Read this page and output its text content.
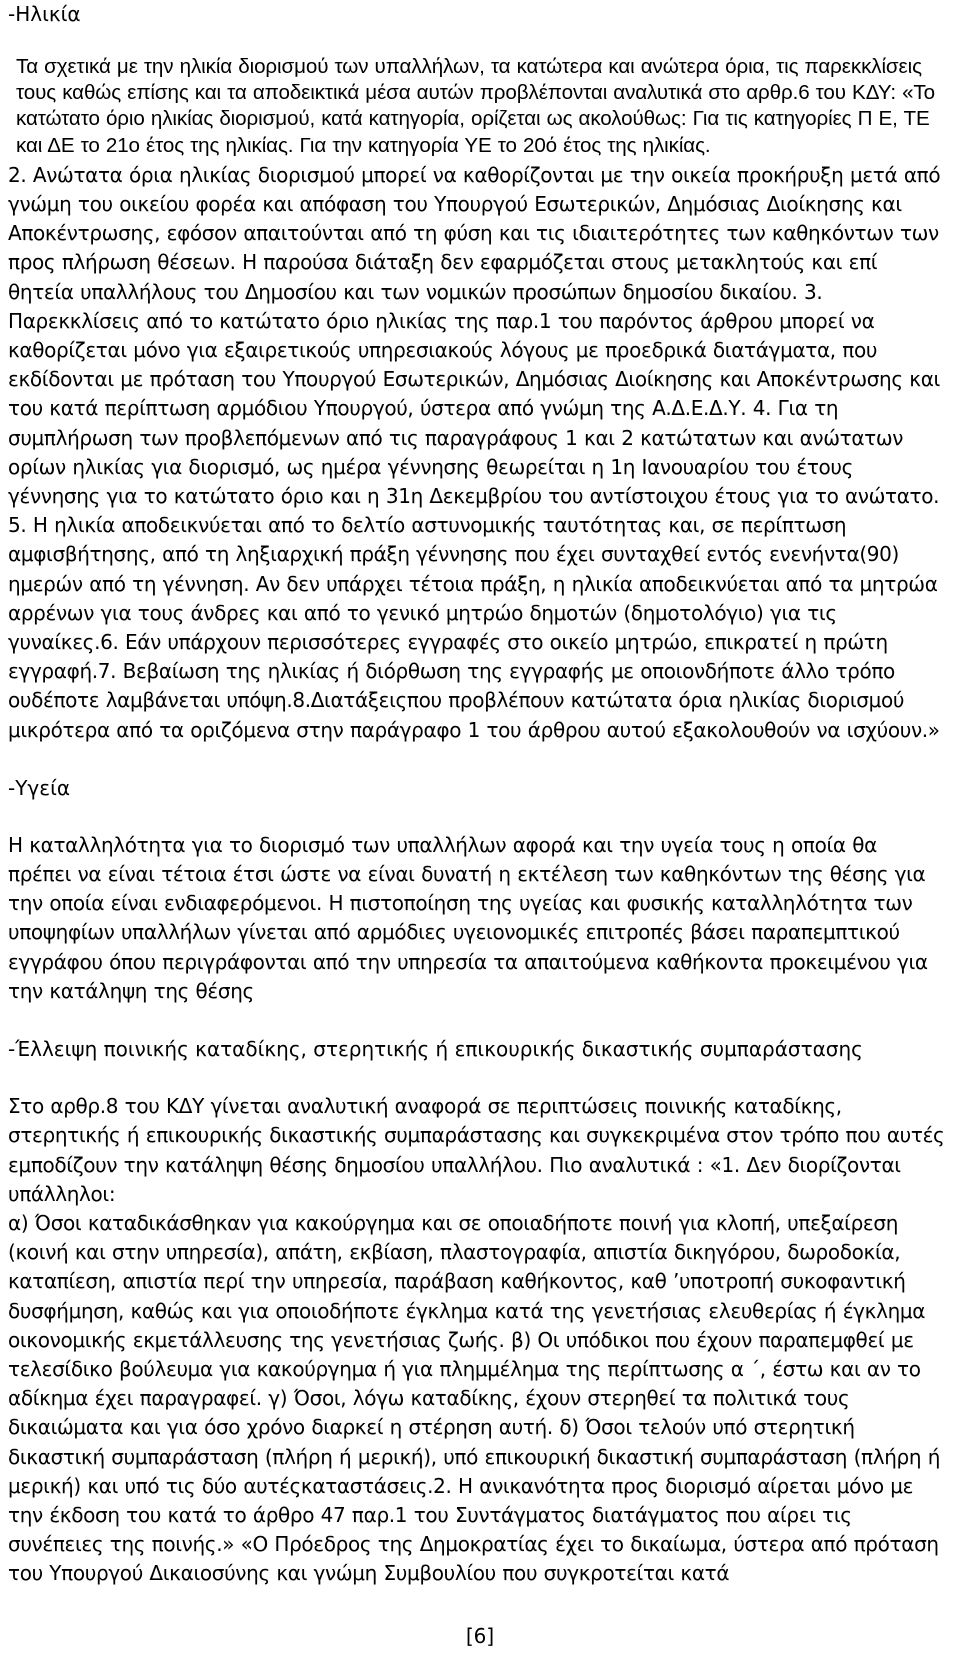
-Ηλικία

Τα σχετικά με την ηλικία διορισμού των υπαλλήλων, τα κατώτερα και ανώτερα όρια, τις παρεκκλίσεις τους καθώς επίσης και τα αποδεικτικά μέσα αυτών προβλέπονται αναλυτικά στο αρθρ.6 του ΚΔΥ: «Το κατώτατο όριο ηλικίας διορισμού, κατά κατηγορία, ορίζεται ως ακολούθως: Για τις κατηγορίες Π Ε, ΤΕ και ΔΕ το 21ο έτος της ηλικίας. Για την κατηγορία ΥΕ το 20ό έτος της ηλικίας.

2. Ανώτατα όρια ηλικίας διορισμού μπορεί να καθορίζονται με την οικεία προκήρυξη μετά από γνώμη του οικείου φορέα και απόφαση του Υπουργού Εσωτερικών, Δημόσιας Διοίκησης και Αποκέντρωσης, εφόσον απαιτούνται από τη φύση και τις ιδιαιτερότητες των καθηκόντων των προς πλήρωση θέσεων. Η παρούσα διάταξη δεν εφαρμόζεται στους μετακλητούς και επί θητεία υπαλλήλους του Δημοσίου και των νομικών προσώπων δημοσίου δικαίου. 3. Παρεκκλίσεις από το κατώτατο όριο ηλικίας της παρ.1 του παρόντος άρθρου μπορεί να καθορίζεται μόνο για εξαιρετικούς υπηρεσιακούς λόγους με προεδρικά διατάγματα, που εκδίδονται με πρόταση του Υπουργού Εσωτερικών, Δημόσιας Διοίκησης και Αποκέντρωσης και του κατά περίπτωση αρμόδιου Υπουργού, ύστερα από γνώμη της Α.Δ.Ε.Δ.Υ. 4. Για τη συμπλήρωση των προβλεπόμενων από τις παραγράφους 1 και 2 κατώτατων και ανώτατων ορίων ηλικίας για διορισμό, ως ημέρα γέννησης θεωρείται η 1η Ιανουαρίου του έτους γέννησης για το κατώτατο όριο και η 31η Δεκεμβρίου του αντίστοιχου έτους για το ανώτατο. 5. Η ηλικία αποδεικνύεται από το δελτίο αστυνομικής ταυτότητας και, σε περίπτωση αμφισβήτησης, από τη ληξιαρχική πράξη γέννησης που έχει συνταχθεί εντός ενενήντα(90) ημερών από τη γέννηση. Αν δεν υπάρχει τέτοια πράξη, η ηλικία αποδεικνύεται από τα μητρώα αρρένων για τους άνδρες και από το γενικό μητρώο δημοτών (δημοτολόγιο) για τις γυναίκες.6. Εάν υπάρχουν περισσότερες εγγραφές στο οικείο μητρώο, επικρατεί η πρώτη εγγραφή.7. Βεβαίωση της ηλικίας ή διόρθωση της εγγραφής με οποιονδήποτε άλλο τρόπο ουδέποτε λαμβάνεται υπόψη.8.Διατάξειςπου προβλέπουν κατώτατα όρια ηλικίας διορισμού μικρότερα από τα οριζόμενα στην παράγραφο 1 του άρθρου αυτού εξακολουθούν να ισχύουν.»

-Υγεία

Η καταλληλότητα για το διορισμό των υπαλλήλων αφορά και την υγεία τους η οποία θα πρέπει να είναι τέτοια έτσι ώστε να είναι δυνατή η εκτέλεση των καθηκόντων της θέσης για την οποία είναι ενδιαφερόμενοι. Η πιστοποίηση της υγείας και φυσικής καταλληλότητα των υποψηφίων υπαλλήλων γίνεται από αρμόδιες υγειονομικές επιτροπές βάσει παραπεμπτικού εγγράφου όπου περιγράφονται από την υπηρεσία τα απαιτούμενα καθήκοντα προκειμένου για την κατάληψη της θέσης

-Έλλειψη ποινικής καταδίκης, στερητικής ή επικουρικής δικαστικής συμπαράστασης

Στο αρθρ.8 του ΚΔΥ γίνεται αναλυτική αναφορά σε περιπτώσεις ποινικής καταδίκης, στερητικής ή επικουρικής δικαστικής συμπαράστασης και συγκεκριμένα στον τρόπο που αυτές εμποδίζουν την κατάληψη θέσης δημοσίου υπαλλήλου. Πιο αναλυτικά : «1. Δεν διορίζονται υπάλληλοι:

α) Όσοι καταδικάσθηκαν για κακούργημα και σε οποιαδήποτε ποινή για κλοπή, υπεξαίρεση (κοινή και στην υπηρεσία), απάτη, εκβίαση, πλαστογραφία, απιστία δικηγόρου, δωροδοκία, καταπίεση, απιστία περί την υπηρεσία, παράβαση καθήκοντος, καθ ’υποτροπή συκοφαντική δυσφήμηση, καθώς και για οποιοδήποτε έγκλημα κατά της γενετήσιας ελευθερίας ή έγκλημα οικονομικής εκμετάλλευσης της γενετήσιας ζωής. β) Οι υπόδικοι που έχουν παραπεμφθεί με τελεσίδικο βούλευμα για κακούργημα ή για πλημμέλημα της περίπτωσης α ΄, έστω και αν το αδίκημα έχει παραγραφεί. γ) Όσοι, λόγω καταδίκης, έχουν στερηθεί τα πολιτικά τους δικαιώματα και για όσο χρόνο διαρκεί η στέρηση αυτή. δ) Όσοι τελούν υπό στερητική δικαστική συμπαράσταση (πλήρη ή μερική), υπό επικουρική δικαστική συμπαράσταση (πλήρη ή μερική) και υπό τις δύο αυτέςκαταστάσεις.2. Η ανικανότητα προς διορισμό αίρεται μόνο με την έκδοση του κατά το άρθρο 47 παρ.1 του Συντάγματος διατάγματος που αίρει τις συνέπειες της ποινής.» «Ο Πρόεδρος της Δημοκρατίας έχει το δικαίωμα, ύστερα από πρόταση του Υπουργού Δικαιοσύνης και γνώμη Συμβουλίου που συγκροτείται κατά

[6]
